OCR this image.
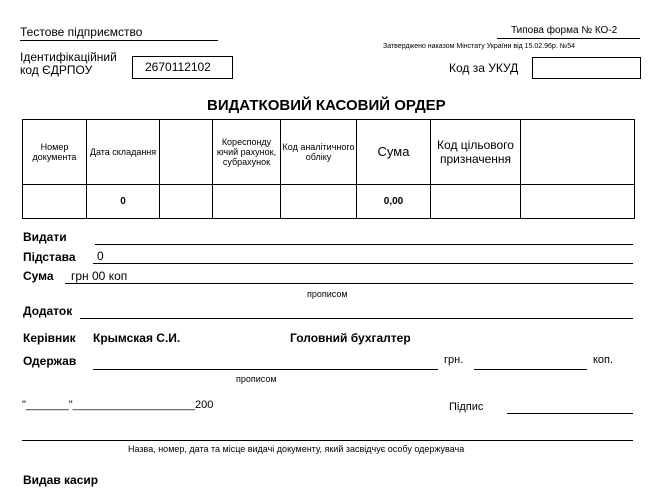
Тестове підприємство
Ідентифікаційний
код ЄДРПОУ	2670112102
Типова форма № КО-2
Затверджено наказом Мінстату України від 15.02.96р. №54
Код за УКУД
ВИДАТКОВИЙ КАСОВИЙ ОРДЕР
Номер документа	Дата складання		Кореспонду ючий рахунок, субрахунок	Код аналітичного обліку	Сума	Код цільового призначення	
	0				0,00		
Видати
Підстава 0
Сума грн 00 коп
прописом
Додаток
Керівник Крымская С.И.	Головний бухгалтер
Одержав	грн.	коп.
прописом
"_______"____________________200	Підпис
Назва, номер, дата та місце видачі документу, який засвідчує особу одержувача
Видав касир
